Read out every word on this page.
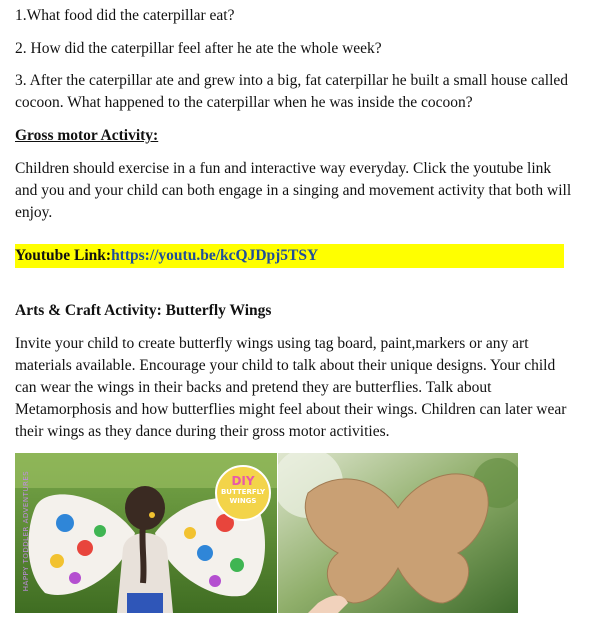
1.What food did the caterpillar eat?

2. How did the caterpillar feel after he ate the whole week?

3. After the caterpillar ate and grew into a big, fat caterpillar he built a small house called cocoon. What happened to the caterpillar when he was inside the cocoon?

Gross motor Activity:

Children should exercise in a fun and interactive way everyday. Click the youtube link and you and your child can both engage in a singing and movement activity that both will enjoy.

Youtube Link:https://youtu.be/kcQJDpj5TSY

Arts & Craft Activity: Butterfly Wings

Invite your child to create butterfly wings using tag board, paint,markers or any art materials available. Encourage your child to talk about their unique designs. Your child can wear the wings in their backs and pretend they are butterflies. Talk about Metamorphosis and how butterflies might feel about their wings. Children can later wear their wings as they dance during their gross motor activities.

DIY
BUTTERFLY
WINGS
HAPPY TODDLER ADVENTURES
